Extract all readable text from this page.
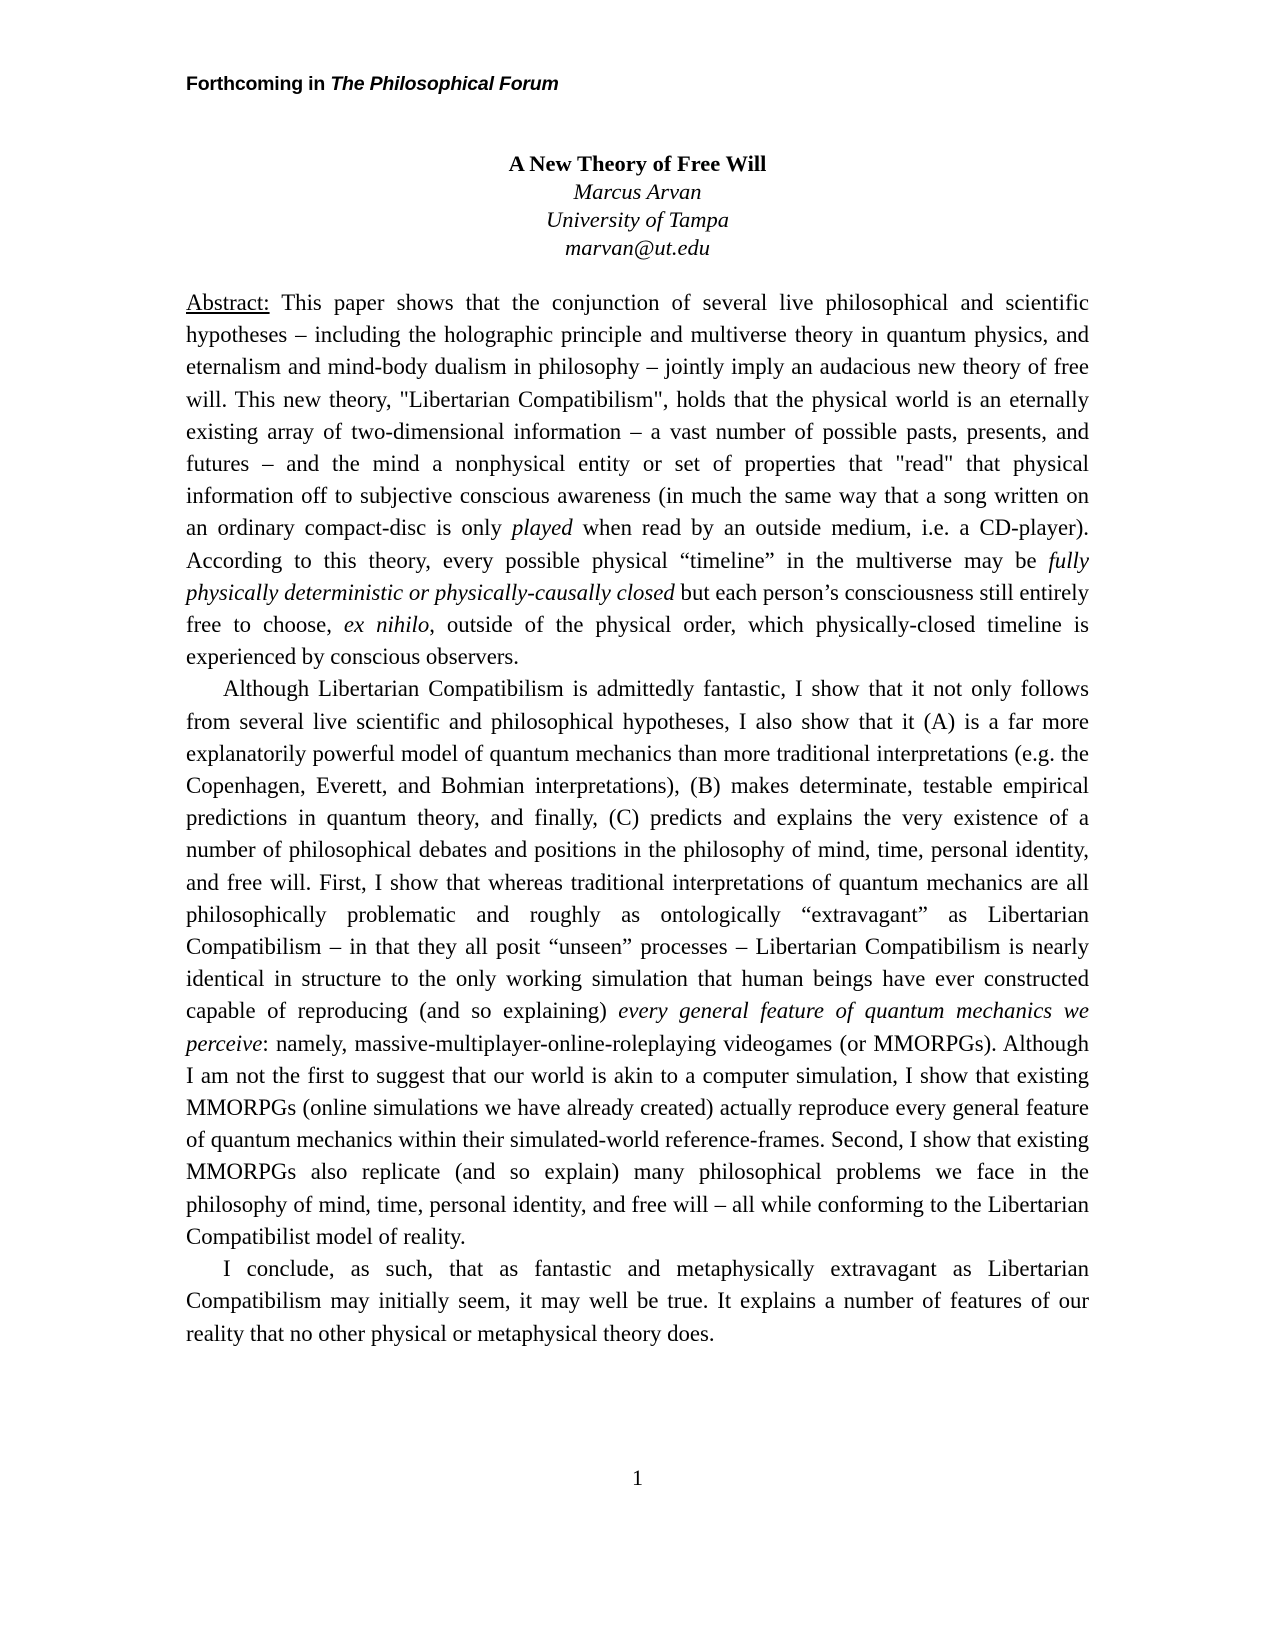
Forthcoming in The Philosophical Forum
A New Theory of Free Will
Marcus Arvan
University of Tampa
marvan@ut.edu

Abstract: This paper shows that the conjunction of several live philosophical and scientific hypotheses – including the holographic principle and multiverse theory in quantum physics, and eternalism and mind-body dualism in philosophy – jointly imply an audacious new theory of free will. This new theory, "Libertarian Compatibilism", holds that the physical world is an eternally existing array of two-dimensional information – a vast number of possible pasts, presents, and futures – and the mind a nonphysical entity or set of properties that "read" that physical information off to subjective conscious awareness (in much the same way that a song written on an ordinary compact-disc is only played when read by an outside medium, i.e. a CD-player). According to this theory, every possible physical “timeline” in the multiverse may be fully physically deterministic or physically-causally closed but each person’s consciousness still entirely free to choose, ex nihilo, outside of the physical order, which physically-closed timeline is experienced by conscious observers.

Although Libertarian Compatibilism is admittedly fantastic, I show that it not only follows from several live scientific and philosophical hypotheses, I also show that it (A) is a far more explanatorily powerful model of quantum mechanics than more traditional interpretations (e.g. the Copenhagen, Everett, and Bohmian interpretations), (B) makes determinate, testable empirical predictions in quantum theory, and finally, (C) predicts and explains the very existence of a number of philosophical debates and positions in the philosophy of mind, time, personal identity, and free will. First, I show that whereas traditional interpretations of quantum mechanics are all philosophically problematic and roughly as ontologically “extravagant” as Libertarian Compatibilism – in that they all posit “unseen” processes – Libertarian Compatibilism is nearly identical in structure to the only working simulation that human beings have ever constructed capable of reproducing (and so explaining) every general feature of quantum mechanics we perceive: namely, massive-multiplayer-online-roleplaying videogames (or MMORPGs). Although I am not the first to suggest that our world is akin to a computer simulation, I show that existing MMORPGs (online simulations we have already created) actually reproduce every general feature of quantum mechanics within their simulated-world reference-frames. Second, I show that existing MMORPGs also replicate (and so explain) many philosophical problems we face in the philosophy of mind, time, personal identity, and free will – all while conforming to the Libertarian Compatibilist model of reality.

I conclude, as such, that as fantastic and metaphysically extravagant as Libertarian Compatibilism may initially seem, it may well be true. It explains a number of features of our reality that no other physical or metaphysical theory does.

1
